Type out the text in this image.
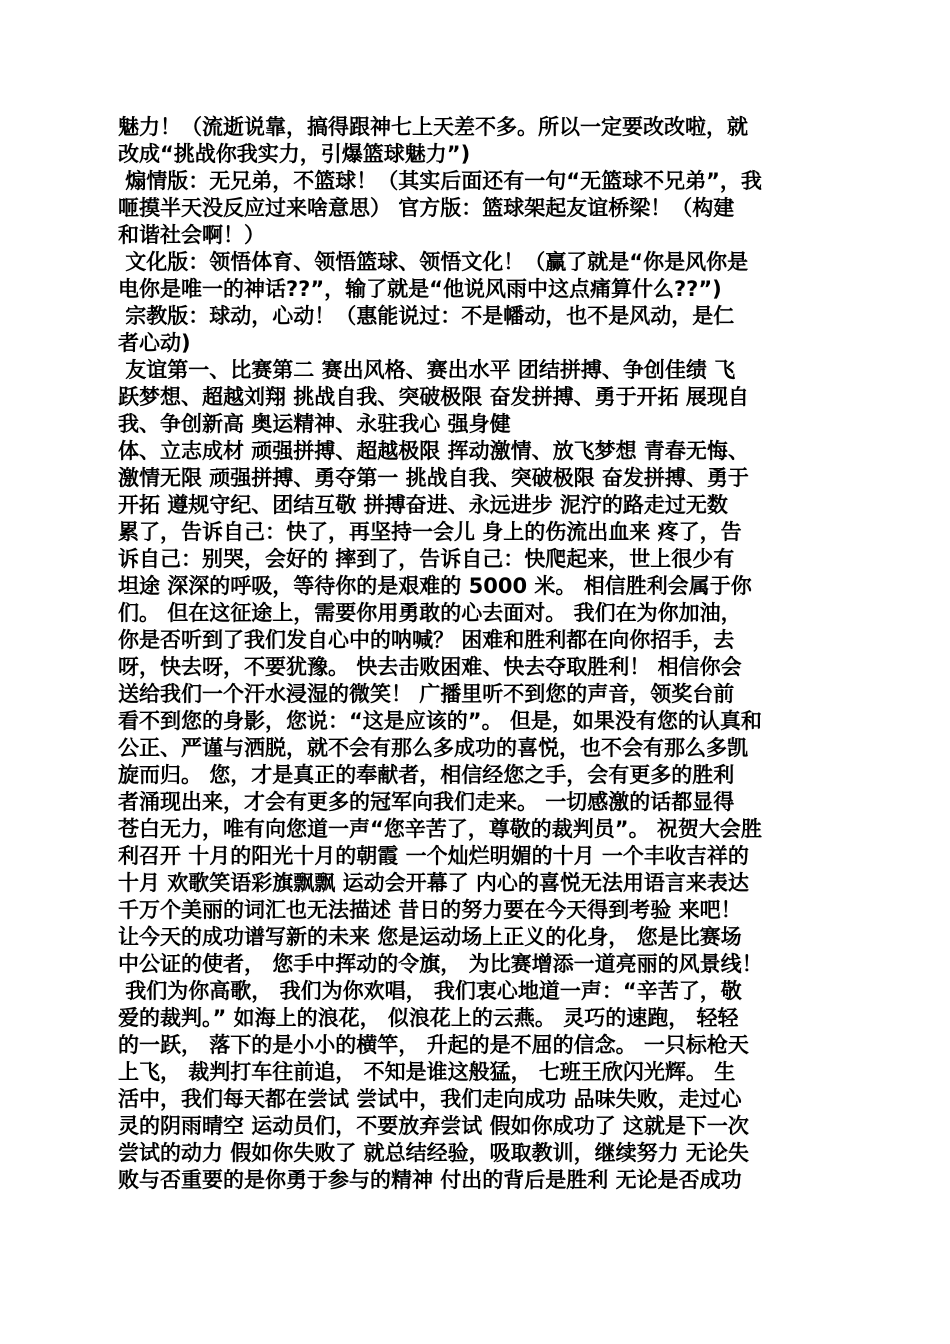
魅力！（流逝说靠，搞得跟神七上天差不多。所以一定要改改啦，就
改成“挑战你我实力，引爆篮球魅力”)
煽情版：无兄弟，不篮球！（其实后面还有一句“无篮球不兄弟”，我
咂摸半天没反应过来啥意思） 官方版：篮球架起友谊桥梁！（构建
和谐社会啊！）
文化版：领悟体育、领悟篮球、领悟文化！（赢了就是“你是风你是
电你是唯一的神话??”，输了就是“他说风雨中这点痛算什么??”)
宗教版：球动，心动！（惠能说过：不是幡动，也不是风动，是仁
者心动)
友谊第一、比赛第二 赛出风格、赛出水平 团结拼搏、争创佳绩 飞
跃梦想、超越刘翔 挑战自我、突破极限 奋发拼搏、勇于开拓 展现自
我、争创新高 奥运精神、永驻我心 强身健
体、立志成材 顽强拼搏、超越极限 挥动激情、放飞梦想 青春无悔、
激情无限 顽强拼搏、勇夺第一 挑战自我、突破极限 奋发拼搏、勇于
开拓 遵规守纪、团结互敬 拼搏奋进、永远进步 泥泞的路走过无数
累了，告诉自己：快了，再坚持一会儿 身上的伤流出血来 疼了，告
诉自己：别哭，会好的 摔到了，告诉自己：快爬起来，世上很少有
坦途 深深的呼吸，等待你的是艰难的 5000 米。 相信胜利会属于你
们。 但在这征途上，需要你用勇敢的心去面对。 我们在为你加油，
你是否听到了我们发自心中的呐喊？ 困难和胜利都在向你招手，去
呀，快去呀，不要犹豫。 快去击败困难、快去夺取胜利！ 相信你会
送给我们一个汗水浸湿的微笑！ 广播里听不到您的声音，领奖台前
看不到您的身影，您说：“这是应该的”。 但是，如果没有您的认真和
公正、严谨与洒脱，就不会有那么多成功的喜悦，也不会有那么多凯
旋而归。 您，才是真正的奉献者，相信经您之手，会有更多的胜利
者涌现出来，才会有更多的冠军向我们走来。 一切感激的话都显得
苍白无力，唯有向您道一声“您辛苦了，尊敬的裁判员”。 祝贺大会胜
利召开 十月的阳光十月的朝霞 一个灿烂明媚的十月 一个丰收吉祥的
十月 欢歌笑语彩旗飘飘 运动会开幕了 内心的喜悦无法用语言来表达
千万个美丽的词汇也无法描述 昔日的努力要在今天得到考验 来吧！
让今天的成功谱写新的未来 您是运动场上正义的化身， 您是比赛场
中公证的使者， 您手中挥动的令旗， 为比赛增添一道亮丽的风景线！
我们为你高歌， 我们为你欢唱， 我们衷心地道一声：“辛苦了，敬
爱的裁判。” 如海上的浪花， 似浪花上的云燕。 灵巧的速跑， 轻轻
的一跃， 落下的是小小的横竿， 升起的是不屈的信念。 一只标枪天
上飞， 裁判打车往前追， 不知是谁这般猛， 七班王欣闪光辉。 生
活中，我们每天都在尝试 尝试中，我们走向成功 品味失败，走过心
灵的阴雨晴空 运动员们，不要放弃尝试 假如你成功了 这就是下一次
尝试的动力 假如你失败了 就总结经验，吸取教训，继续努力 无论失
败与否重要的是你勇于参与的精神 付出的背后是胜利 无论是否成功
